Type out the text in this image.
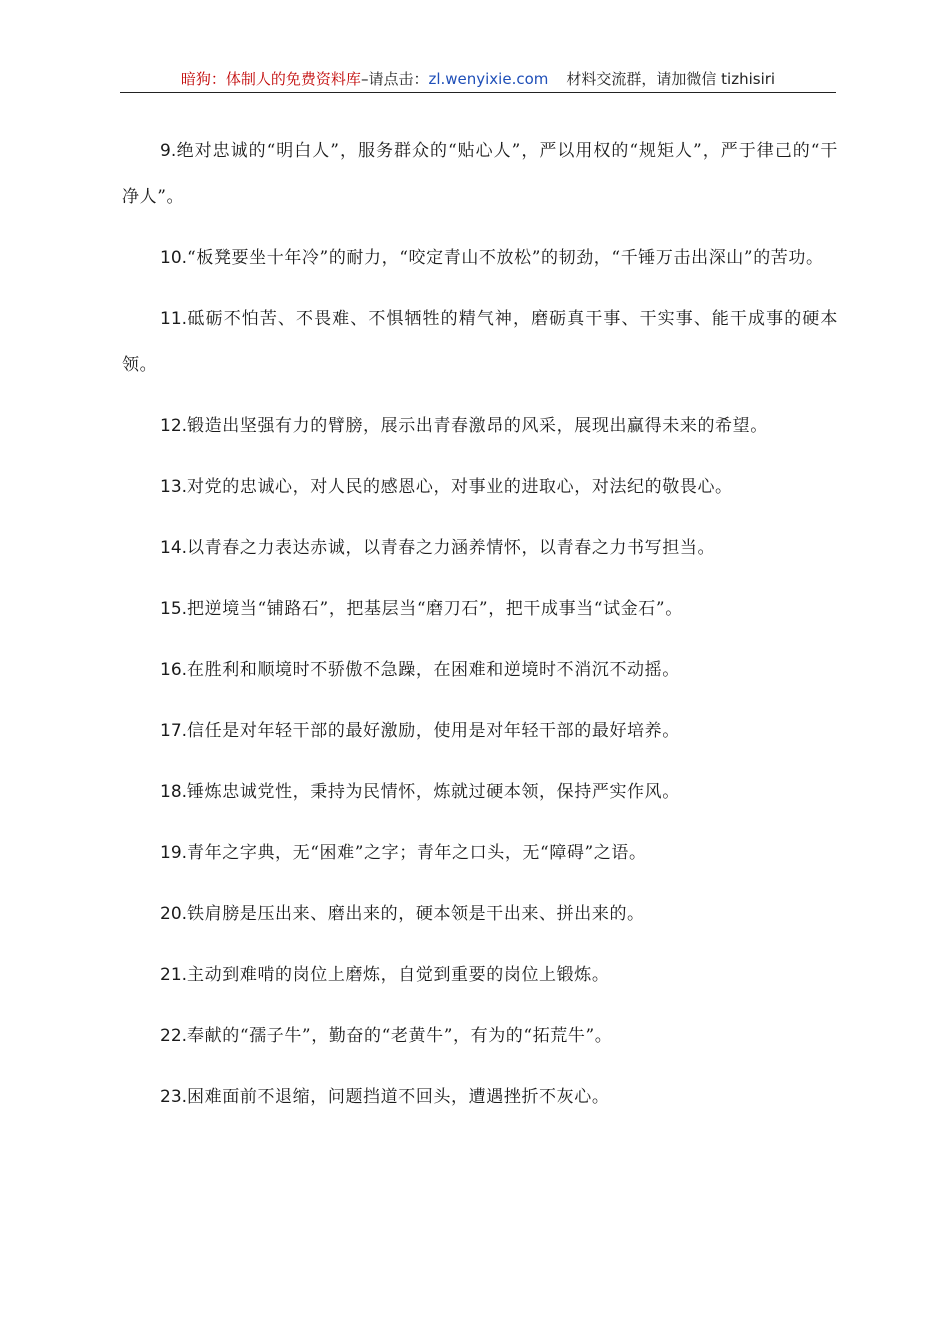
暗狗：体制人的免费资料库–请点击：zl.wenyixie.com 材料交流群，请加微信 tizhisiri

9.绝对忠诚的“明白人”，服务群众的“贴心人”，严以用权的“规矩人”，严于律己的“干净人”。

10.“板凳要坐十年冷”的耐力，“咬定青山不放松”的韧劲，“千锤万击出深山”的苦功。

11.砥砺不怕苦、不畏难、不惧牺牲的精气神，磨砺真干事、干实事、能干成事的硬本领。

12.锻造出坚强有力的臂膀，展示出青春激昂的风采，展现出赢得未来的希望。

13.对党的忠诚心，对人民的感恩心，对事业的进取心，对法纪的敬畏心。

14.以青春之力表达赤诚，以青春之力涵养情怀，以青春之力书写担当。

15.把逆境当“铺路石”，把基层当“磨刀石”，把干成事当“试金石”。

16.在胜利和顺境时不骄傲不急躁，在困难和逆境时不消沉不动摇。

17.信任是对年轻干部的最好激励，使用是对年轻干部的最好培养。

18.锤炼忠诚党性，秉持为民情怀，炼就过硬本领，保持严实作风。

19.青年之字典，无“困难”之字；青年之口头，无“障碍”之语。

20.铁肩膀是压出来、磨出来的，硬本领是干出来、拼出来的。

21.主动到难啃的岗位上磨炼，自觉到重要的岗位上锻炼。

22.奉献的“孺子牛”，勤奋的“老黄牛”，有为的“拓荒牛”。

23.困难面前不退缩，问题挡道不回头，遭遇挫折不灰心。
